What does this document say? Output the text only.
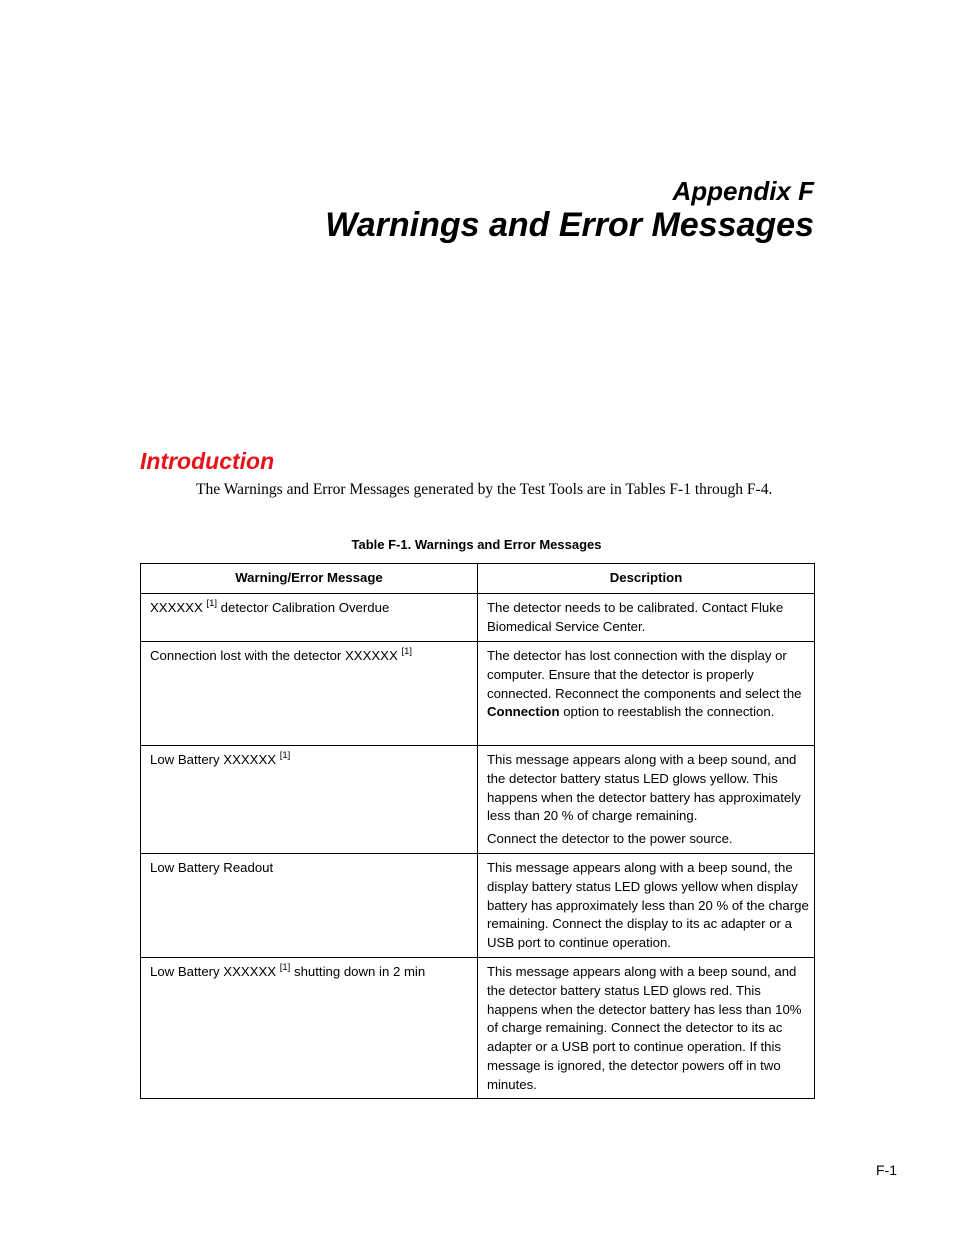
Appendix F
Warnings and Error Messages
Introduction
The Warnings and Error Messages generated by the Test Tools are in Tables F-1 through F-4.
Table F-1. Warnings and Error Messages
Warning/Error Message	Description
XXXXXX [1] detector Calibration Overdue	The detector needs to be calibrated. Contact Fluke Biomedical Service Center.
Connection lost with the detector XXXXXX [1]	The detector has lost connection with the display or computer. Ensure that the detector is properly connected. Reconnect the components and select the Connection option to reestablish the connection.
Low Battery XXXXXX [1]	This message appears along with a beep sound, and the detector battery status LED glows yellow. This happens when the detector battery has approximately less than 20 % of charge remaining.
Connect the detector to the power source.

Low Battery Readout	This message appears along with a beep sound, the display battery status LED glows yellow when display battery has approximately less than 20 % of the charge remaining. Connect the display to its ac adapter or a USB port to continue operation.
Low Battery XXXXXX [1] shutting down in 2 min	This message appears along with a beep sound, and the detector battery status LED glows red. This happens when the detector battery has less than 10% of charge remaining. Connect the detector to its ac adapter or a USB port to continue operation. If this message is ignored, the detector powers off in two minutes.
F-1
